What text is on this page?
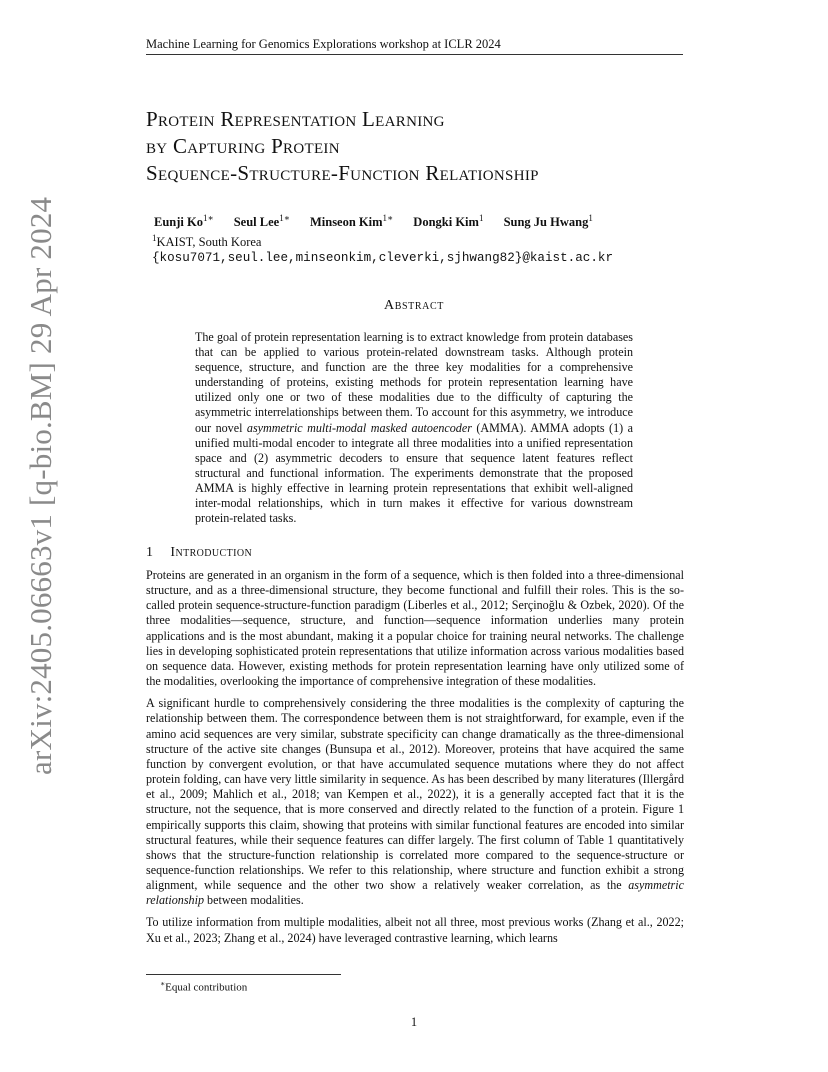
Machine Learning for Genomics Explorations workshop at ICLR 2024
arXiv:2405.06663v1 [q-bio.BM] 29 Apr 2024
Protein Representation Learning
by Capturing Protein
Sequence-Structure-Function Relationship
Eunji $Ko^{1∗}$ Seul Lee$^{1∗}$ Minseon Kim$^{1∗}$ Dongki Kim$^1$ Sung Ju Hwang$^1$
$^1$KAIST, South Korea
{kosu7071,seul.lee,minseonkim,cleverki,sjhwang82}@kaist.ac.kr
Abstract
The goal of protein representation learning is to extract knowledge from protein databases that can be applied to various protein-related downstream tasks. Although protein sequence, structure, and function are the three key modalities for a comprehensive understanding of proteins, existing methods for protein representation learning have utilized only one or two of these modalities due to the difficulty of capturing the asymmetric interrelationships between them. To account for this asymmetry, we introduce our novel asymmetric multi-modal masked autoencoder (AMMA). AMMA adopts (1) a unified multi-modal encoder to integrate all three modalities into a unified representation space and (2) asymmetric decoders to ensure that sequence latent features reflect structural and functional information. The experiments demonstrate that the proposed AMMA is highly effective in learning protein representations that exhibit well-aligned inter-modal relationships, which in turn makes it effective for various downstream protein-related tasks.
1 Introduction

Proteins are generated in an organism in the form of a sequence, which is then folded into a three-dimensional structure, and as a three-dimensional structure, they become functional and fulfill their roles. This is the so-called protein sequence-structure-function paradigm (Liberles et al., 2012; Serçinoğlu & Ozbek, 2020). Of the three modalities—sequence, structure, and function—sequence information underlies many protein applications and is the most abundant, making it a popular choice for training neural networks. The challenge lies in developing sophisticated protein representations that utilize information across various modalities based on sequence data. However, existing methods for protein representation learning have only utilized some of the modalities, overlooking the importance of comprehensive integration of these modalities.

A significant hurdle to comprehensively considering the three modalities is the complexity of capturing the relationship between them. The correspondence between them is not straightforward, for example, even if the amino acid sequences are very similar, substrate specificity can change dramatically as the three-dimensional structure of the active site changes (Bunsupa et al., 2012). Moreover, proteins that have acquired the same function by convergent evolution, or that have accumulated sequence mutations where they do not affect protein folding, can have very little similarity in sequence. As has been described by many literatures (Illergård et al., 2009; Mahlich et al., 2018; van Kempen et al., 2022), it is a generally accepted fact that it is the structure, not the sequence, that is more conserved and directly related to the function of a protein. Figure 1 empirically supports this claim, showing that proteins with similar functional features are encoded into similar structural features, while their sequence features can differ largely. The first column of Table 1 quantitatively shows that the structure-function relationship is correlated more compared to the sequence-structure or sequence-function relationships. We refer to this relationship, where structure and function exhibit a strong alignment, while sequence and the other two show a relatively weaker correlation, as the asymmetric relationship between modalities.

To utilize information from multiple modalities, albeit not all three, most previous works (Zhang et al., 2022; Xu et al., 2023; Zhang et al., 2024) have leveraged contrastive learning, which learns

∗Equal contribution
1
